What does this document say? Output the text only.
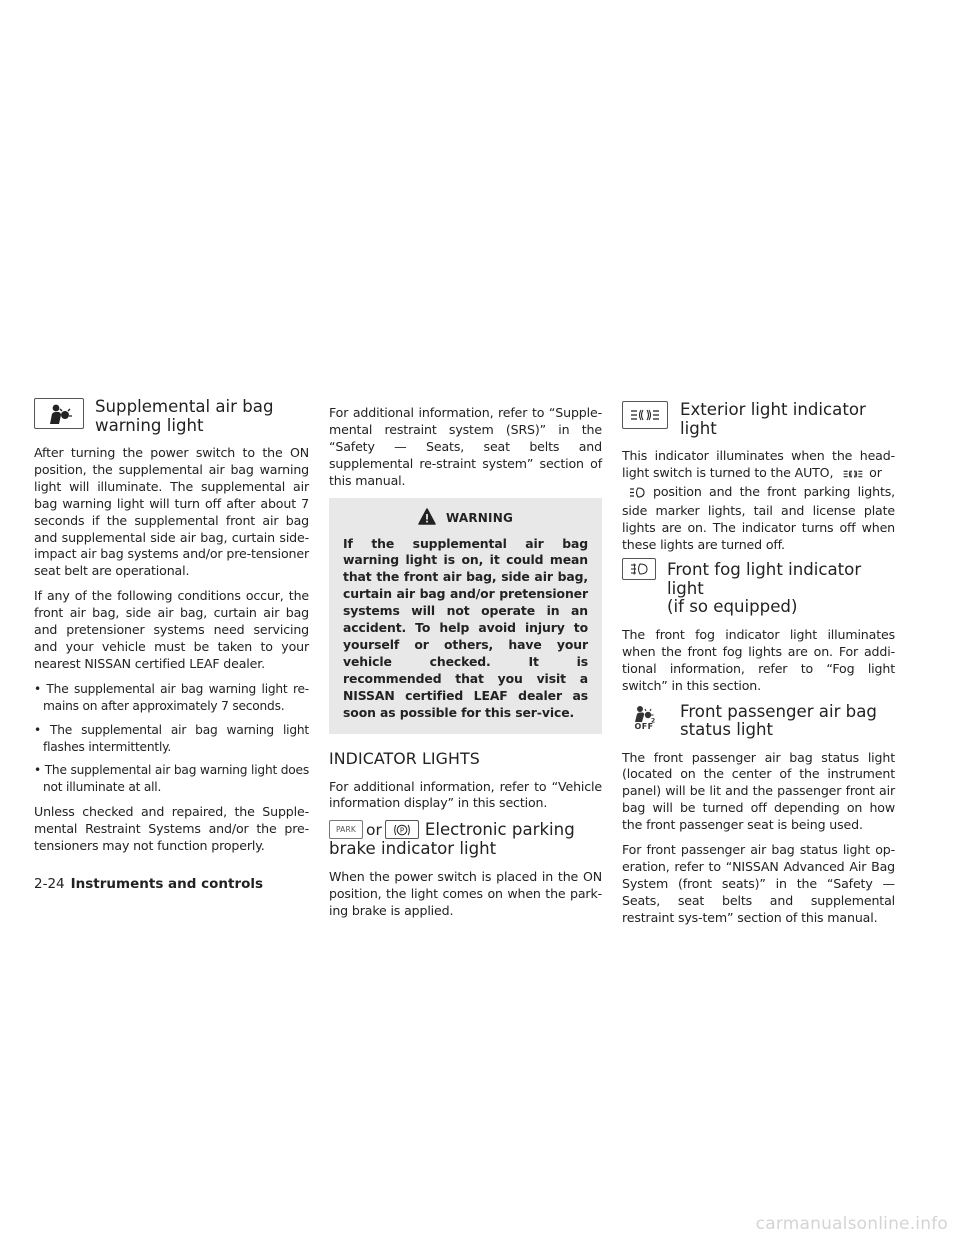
Supplemental air bag
warning light

After turning the power switch to the ON position, the supplemental air bag warning light will illuminate. The supplemental air bag warning light will turn off after about 7 seconds if the supplemental front air bag and supplemental side air bag, curtain side-impact air bag systems and/or pre-tensioner seat belt are operational.

If any of the following conditions occur, the front air bag, side air bag, curtain air bag and pretensioner systems need servicing and your vehicle must be taken to your nearest NISSAN certified LEAF dealer.

• The supplemental air bag warning light re-mains on after approximately 7 seconds.
• The supplemental air bag warning light flashes intermittently.
• The supplemental air bag warning light does not illuminate at all.

Unless checked and repaired, the Supple-mental Restraint Systems and/or the pre-tensioners may not function properly.

For additional information, refer to “Supple-mental restraint system (SRS)” in the “Safety — Seats, seat belts and supplemental re-straint system” section of this manual.

WARNING

If the supplemental air bag warning light is on, it could mean that the front air bag, side air bag, curtain air bag and/or pretensioner systems will not operate in an accident. To help avoid injury to yourself or others, have your vehicle checked. It is recommended that you visit a NISSAN certified LEAF dealer as soon as possible for this ser-vice.

INDICATOR LIGHTS

For additional information, refer to “Vehicle information display” in this section.

PARK or	P Electronic parking
brake indicator light

When the power switch is placed in the ON position, the light comes on when the park-ing brake is applied.

Exterior light indicator light

This indicator illuminates when the head-light switch is turned to the AUTO,	or
position and the front parking lights, side marker lights, tail and license plate lights are on. The indicator turns off when these lights are turned off.

Front fog light indicator light
(if so equipped)

The front fog indicator light illuminates when the front fog lights are on. For addi-tional information, refer to “Fog light switch” in this section.

2
OFF
Front passenger air bag
status light

The front passenger air bag status light (located on the center of the instrument panel) will be lit and the passenger front air bag will be turned off depending on how the front passenger seat is being used.

For front passenger air bag status light op-eration, refer to “NISSAN Advanced Air Bag System (front seats)” in the “Safety — Seats, seat belts and supplemental restraint sys-tem” section of this manual.

2-24 Instruments and controls
carmanualsonline.info
